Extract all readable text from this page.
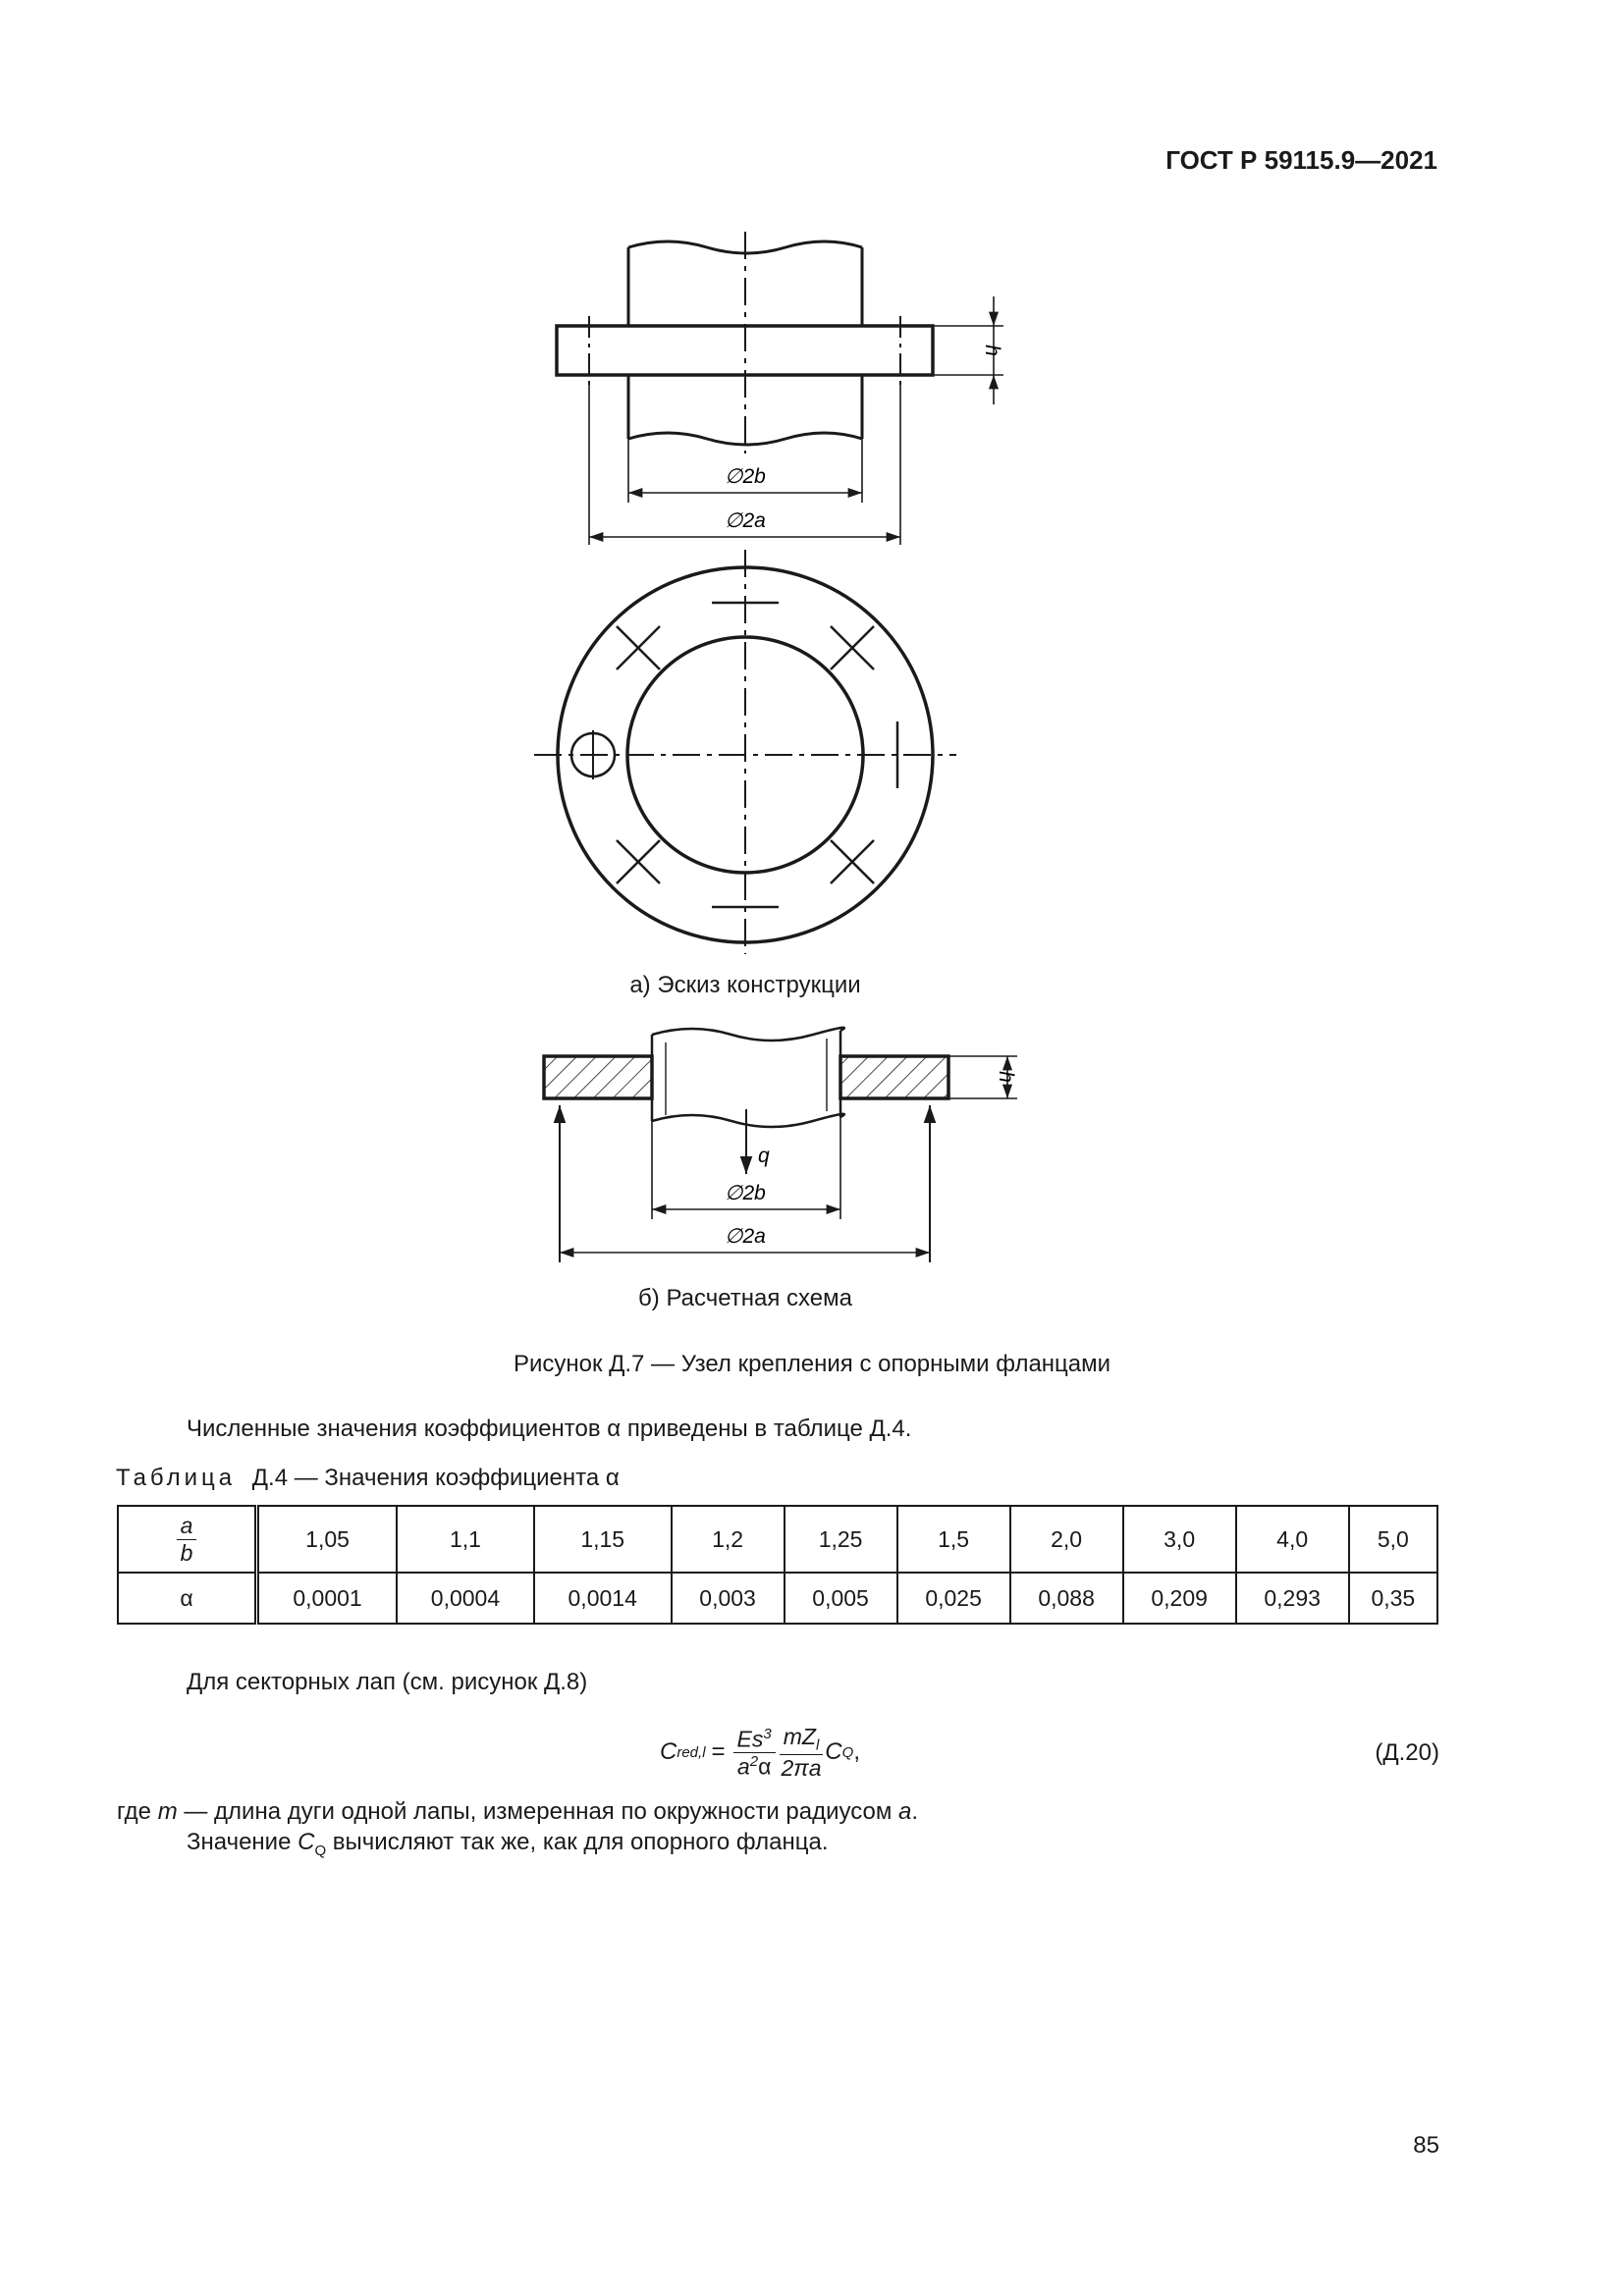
ГОСТ Р 59115.9—2021
h
∅2b
∅2a
h
q
∅2b
∅2a
а) Эскиз конструкции
б) Расчетная схема
Рисунок Д.7 — Узел крепления с опорными фланцами
Численные значения коэффициентов α приведены в таблице Д.4.
Таблица Д.4 — Значения коэффициента α
$\frac{a}{b}$	1,05	1,1	1,15	1,2	1,25	1,5	2,0	3,0	4,0	5,0
α	0,0001	0,0004	0,0014	0,003	0,005	0,025	0,088	0,209	0,293	0,35
Для секторных лап (см. рисунок Д.8)
C $red,l = \frac{Es^3}{a^2\alpha} \frac{mZ_l}{2\pi a}$ C Q ,	(Д.20)
где m — длина дуги одной лапы, измеренная по окружности радиусом a.
Значение $C_Q$ вычисляют так же, как для опорного фланца.
85
